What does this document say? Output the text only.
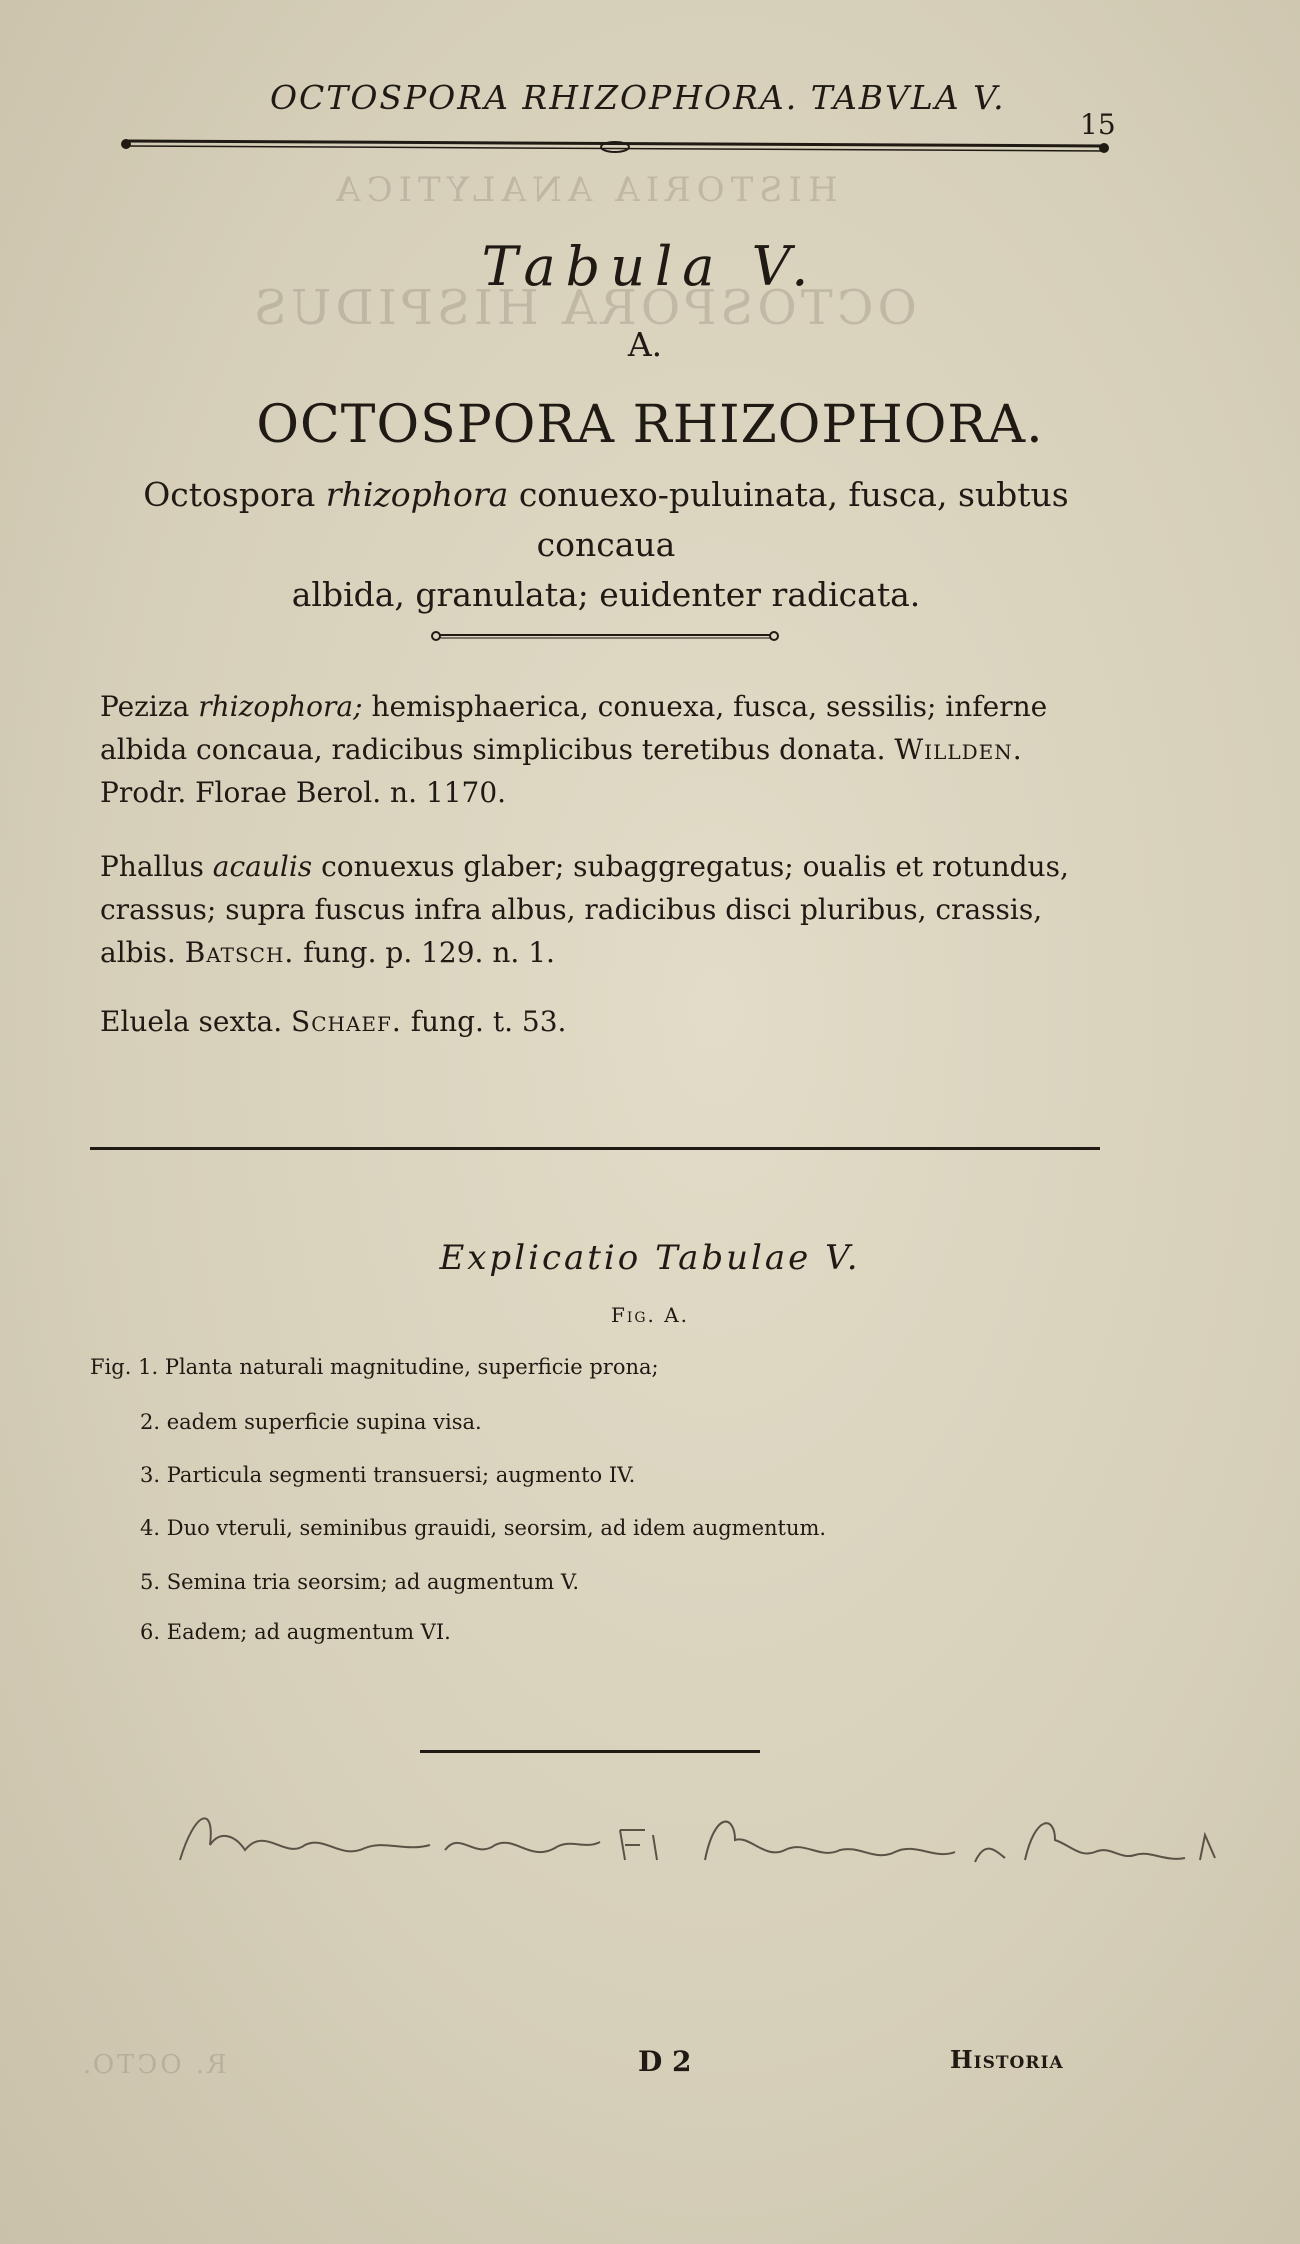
HISTORIA ANALYTICA
OCTOSPORA HISPIDUS
R. OCTO.
OCTOSPORA RHIZOPHORA. TABVLA V.
15
Tabula V.
A.
OCTOSPORA RHIZOPHORA.
Octospora rhizophora conuexo-puluinata, fusca, subtus concaua
albida, granulata; euidenter radicata.
Peziza rhizophora; hemisphaerica, conuexa, fusca, sessilis; inferne albida concaua, radicibus simplicibus teretibus donata. Willden. Prodr. Florae Berol. n. 1170.
Phallus acaulis conuexus glaber; subaggregatus; oualis et rotundus, crassus; supra fuscus infra albus, radicibus disci pluribus, crassis, albis. Batsch. fung. p. 129. n. 1.
Eluela sexta. Schaef. fung. t. 53.
Explicatio Tabulae V.
Fig. A.
Fig. 1. Planta naturali magnitudine, superficie prona;
2. eadem superficie supina visa.
3. Particula segmenti transuersi; augmento IV.
4. Duo vteruli, seminibus grauidi, seorsim, ad idem augmentum.
5. Semina tria seorsim; ad augmentum V.
6. Eadem; ad augmentum VI.
Rhizina laevigata Fr. British Discomycetes Phillips page 41
D 2	Historia
